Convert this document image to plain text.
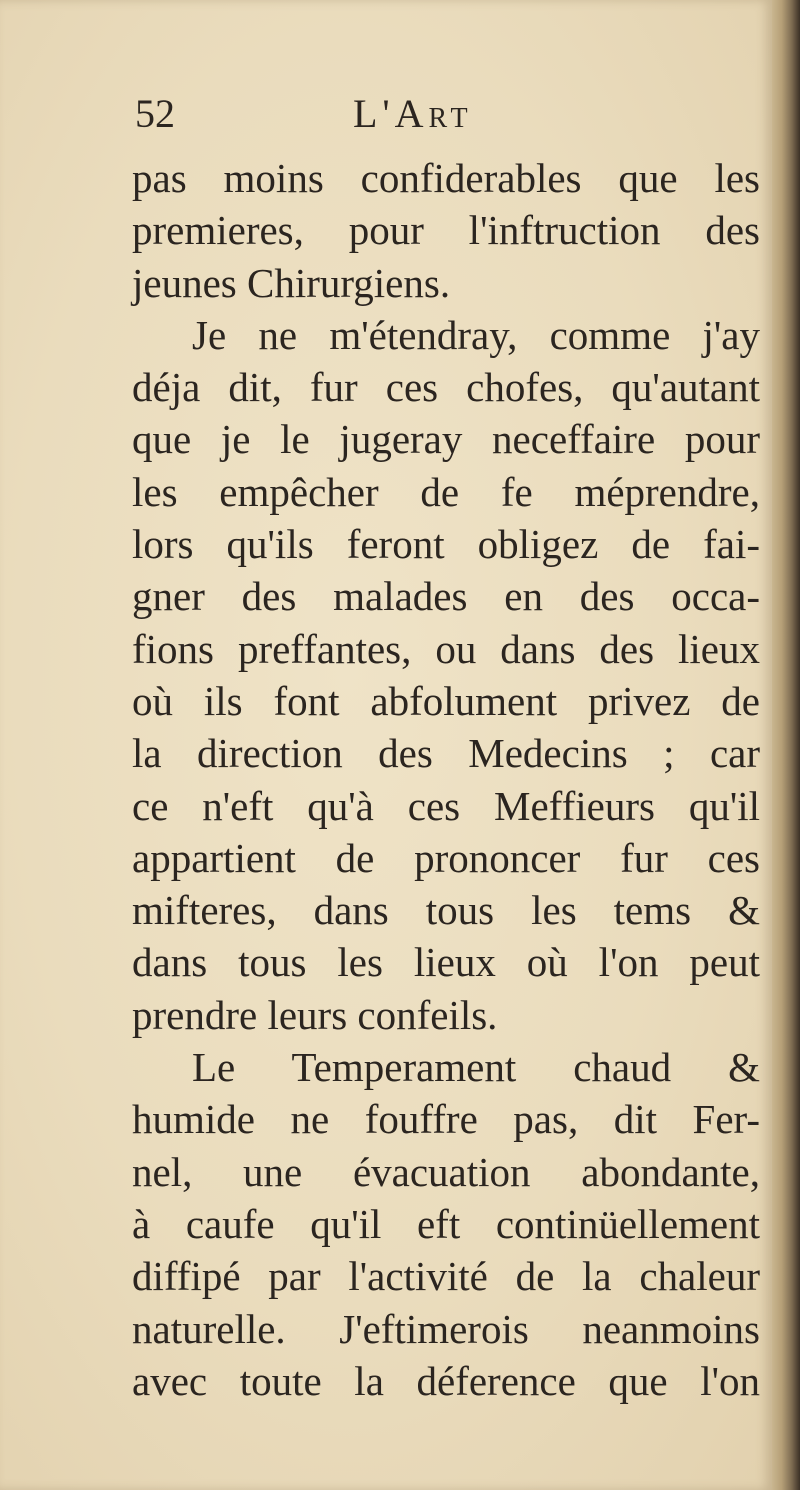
52	L'Art
pas moins confiderables que les
premieres, pour l'inftruction des
jeunes Chirurgiens.
Je ne m'étendray, comme j'ay
déja dit, fur ces chofes, qu'autant
que je le jugeray neceffaire pour
les empêcher de fe méprendre,
lors qu'ils feront obligez de fai-
gner des malades en des occa-
fions preffantes, ou dans des lieux
où ils font abfolument privez de
la direction des Medecins ; car
ce n'eft qu'à ces Meffieurs qu'il
appartient de prononcer fur ces
mifteres, dans tous les tems &
dans tous les lieux où l'on peut
prendre leurs confeils.
Le Temperament chaud &
humide ne fouffre pas, dit Fer-
nel, une évacuation abondante,
à caufe qu'il eft continüellement
diffipé par l'activité de la chaleur
naturelle. J'eftimerois neanmoins
avec toute la déference que l'on
